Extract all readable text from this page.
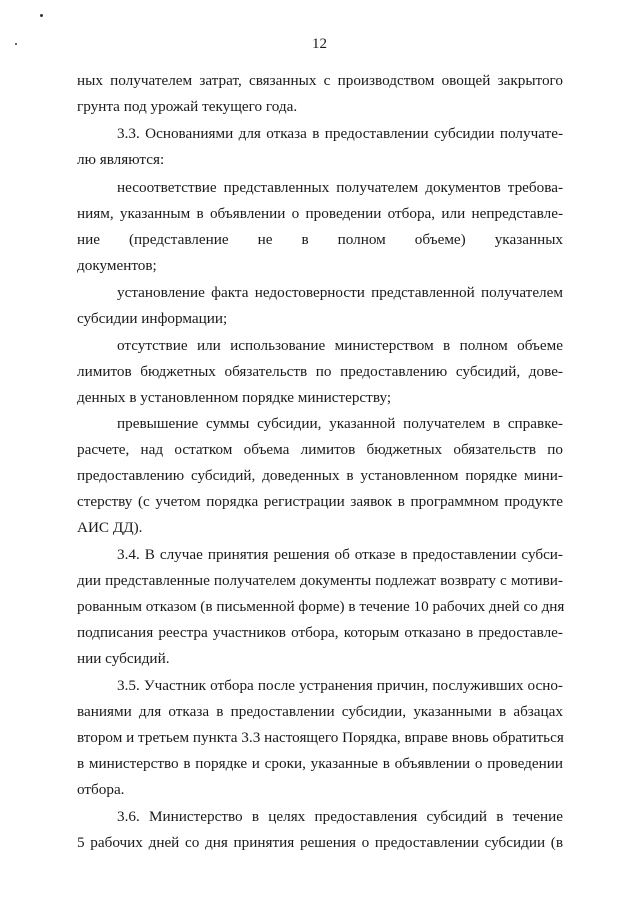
12
ных получателем затрат, связанных с производством овощей закрытого
грунта под урожай текущего года.
3.3. Основаниями для отказа в предоставлении субсидии получате-
лю являются:
несоответствие представленных получателем документов требова-
ниям, указанным в объявлении о проведении отбора, или непредставле-
ние (представление не в полном объеме) указанных
документов;
установление факта недостоверности представленной получателем
субсидии информации;
отсутствие или использование министерством в полном объеме
лимитов бюджетных обязательств по предоставлению субсидий, дове-
денных в установленном порядке министерству;
превышение суммы субсидии, указанной получателем в справке-
расчете, над остатком объема лимитов бюджетных обязательств по
предоставлению субсидий, доведенных в установленном порядке мини-
стерству (с учетом порядка регистрации заявок в программном продукте
АИС ДД).
3.4. В случае принятия решения об отказе в предоставлении субси-
дии представленные получателем документы подлежат возврату с мотиви-
рованным отказом (в письменной форме) в течение 10 рабочих дней со дня
подписания реестра участников отбора, которым отказано в предоставле-
нии субсидий.
3.5. Участник отбора после устранения причин, послуживших осно-
ваниями для отказа в предоставлении субсидии, указанными в абзацах
втором и третьем пункта 3.3 настоящего Порядка, вправе вновь обратиться
в министерство в порядке и сроки, указанные в объявлении о проведении
отбора.
3.6. Министерство в целях предоставления субсидий в течение
5 рабочих дней со дня принятия решения о предоставлении субсидии (в
